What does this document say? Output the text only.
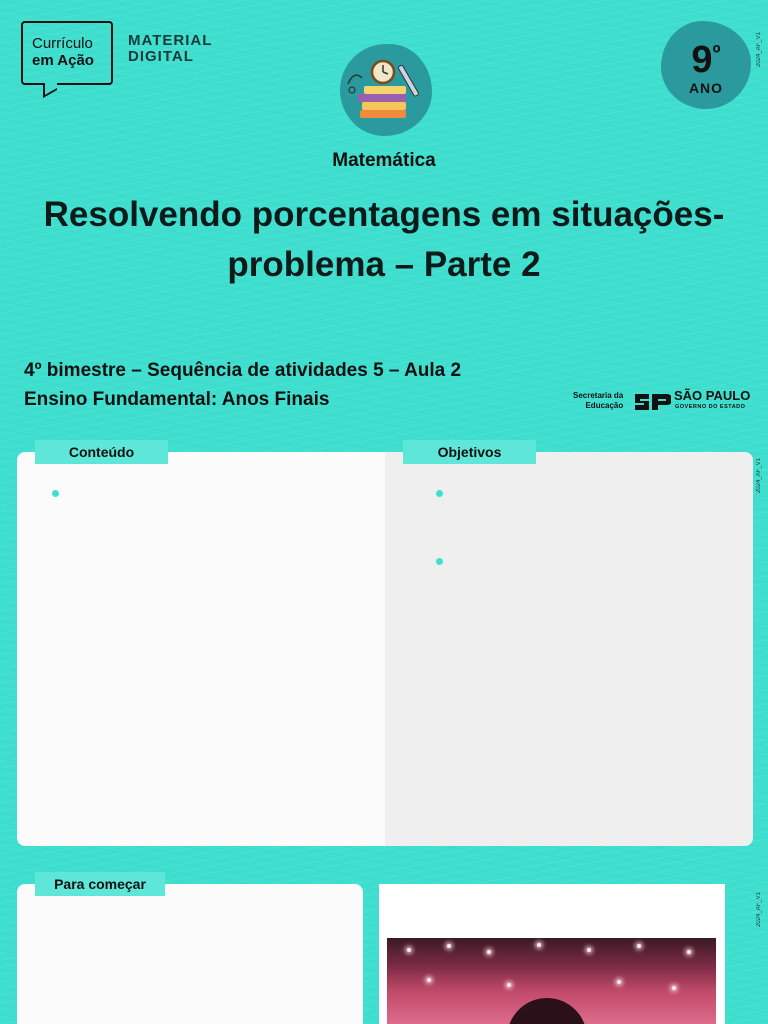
Currículo
em Ação
MATERIAL
DIGITAL	$9^º$
ANO
2024_AF_V1
2024_AF_V1
2024_AF_V1
Matemática
Resolvendo porcentagens em situações-
problema – Parte 2
4º bimestre – Sequência de atividades 5 – Aula 2
Ensino Fundamental: Anos Finais	Secretaria da
Educação
SÃO PAULO
GOVERNO DO ESTADO
Conteúdo	Objetivos
Para começar
